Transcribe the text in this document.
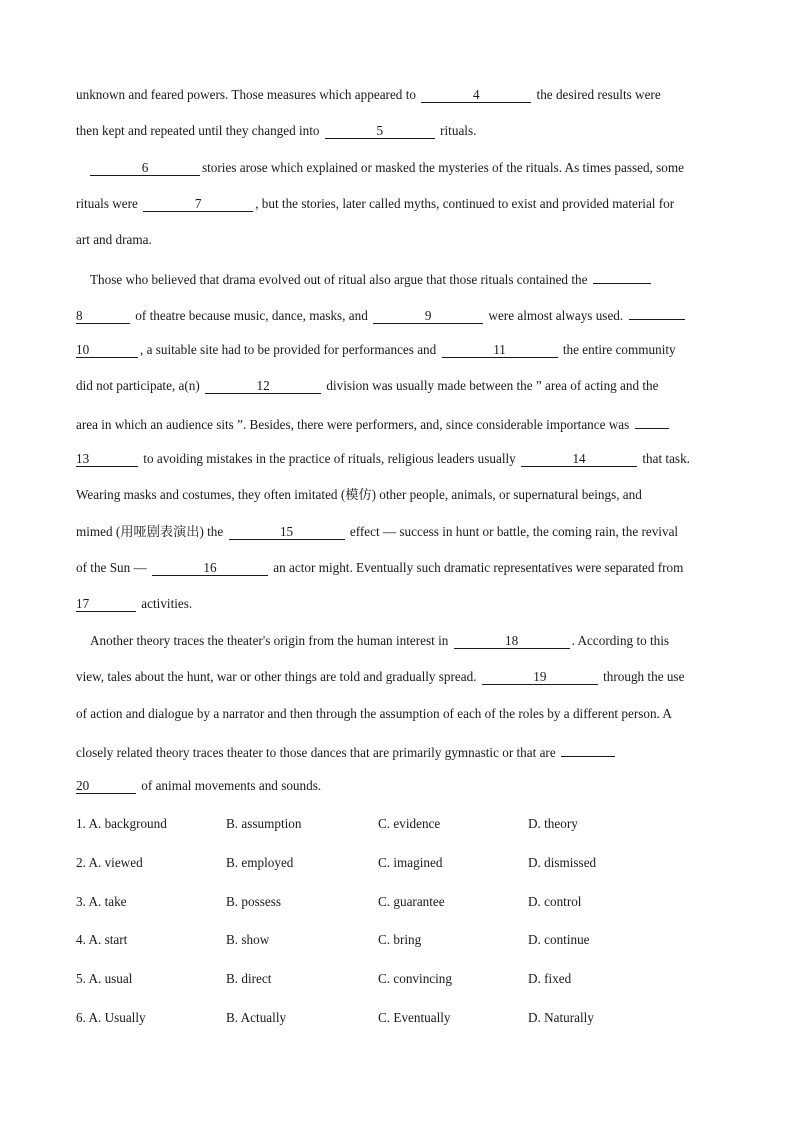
unknown and feared powers. Those measures which appeared to	4	the desired results were
then kept and repeated until they changed into	5	rituals.
6	stories arose which explained or masked the mysteries of the rituals. As times passed, some
rituals were	7	, but the stories, later called myths, continued to exist and provided material for
art and drama.
Those who believed that drama evolved out of ritual also argue that those rituals contained the
8	of theatre because music, dance, masks, and	9	were almost always used.
10	, a suitable site had to be provided for performances and	11	the entire community
did not participate, a(n)	12	division was usually made between the ” area of acting and the
area in which an audience sits ”. Besides, there were performers, and, since considerable importance was
13	to avoiding mistakes in the practice of rituals, religious leaders usually	14	that task.
Wearing masks and costumes, they often imitated (模仿) other people, animals, or supernatural beings, and
mimed (用哑剧表演出) the	15	effect — success in hunt or battle, the coming rain, the revival
of the Sun —	16	an actor might. Eventually such dramatic representatives were separated from
17	activities.
Another theory traces the theater's origin from the human interest in	18	. According to this
view, tales about the hunt, war or other things are told and gradually spread.	19	through the use
of action and dialogue by a narrator and then through the assumption of each of the roles by a different person. A
closely related theory traces theater to those dances that are primarily gymnastic or that are
20	of animal movements and sounds.
1. A. background	B. assumption	C. evidence	D. theory
2. A. viewed	B. employed	C. imagined	D. dismissed
3. A. take	B. possess	C. guarantee	D. control
4. A. start	B. show	C. bring	D. continue
5. A. usual	B. direct	C. convincing	D. fixed
6. A. Usually	B. Actually	C. Eventually	D. Naturally
